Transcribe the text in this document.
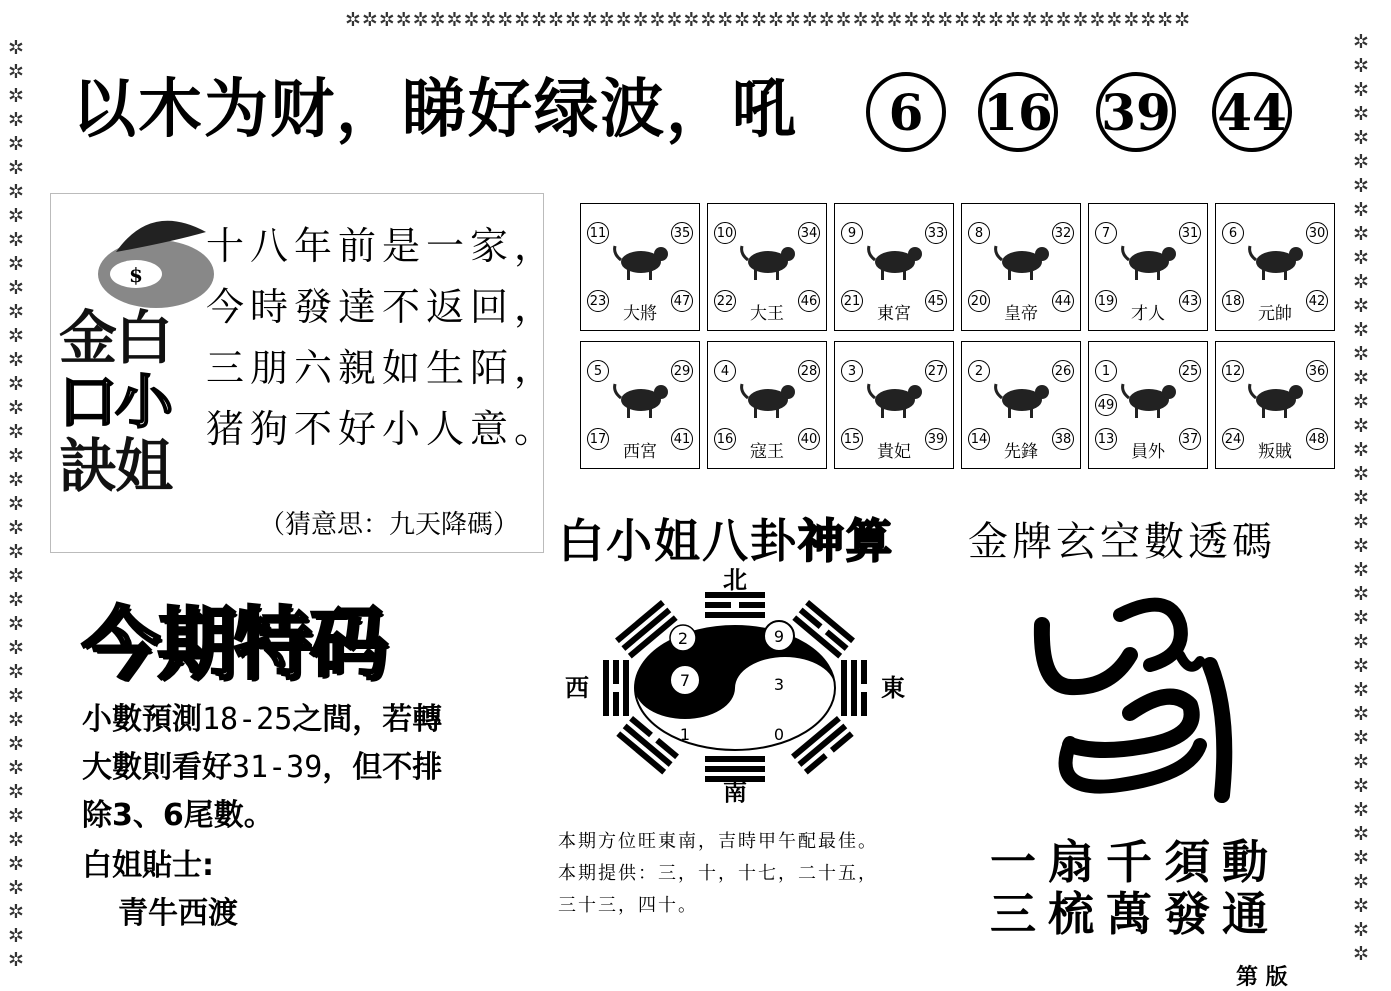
✲✲✲✲✲✲✲✲✲✲✲✲✲✲✲✲✲✲✲✲✲✲✲✲✲✲✲✲✲✲✲✲✲✲✲✲✲✲✲✲✲✲✲✲✲✲✲✲✲✲
✲✲✲✲✲✲✲✲✲✲✲✲✲✲✲✲✲✲✲✲✲✲✲✲✲✲✲✲✲✲✲✲✲✲✲✲✲✲✲
✲✲✲✲✲✲✲✲✲✲✲✲✲✲✲✲✲✲✲✲✲✲✲✲✲✲✲✲✲✲✲✲✲✲✲✲✲✲✲
以木为财，睇好绿波，吼	6	16 39 44
$
金白
口小
訣姐
十八年前是一家，
今時發達不返回，
三朋六親如生陌，
猪狗不好小人意。
（猜意思：九天降碼）
11	35
23	47
大將
10	34
22	46
大王
9	33
21	45
東宮
8	32
20	44
皇帝
7	31
19	43
才人
6	30
18	42
元帥
5	29
17	41
西宮
4	28
16	40
寇王
3	27
15	39
貴妃
2	26
14	38
先鋒
1	25
13	37
49
員外
12	36
24	48
叛賊
白小姐八卦神算
北
南
西	東
2	9
7	3
1	0
本期方位旺東南，吉時甲午配最佳。
本期提供：三，十，十七，二十五，
三十三，四十。
金牌玄空數透碼
一扇千須動
三梳萬發通
今期特码
小數預測18-25之間，若轉
大數則看好31-39，但不排
除3、6尾數。
白姐貼士:
青牛西渡
第 版
